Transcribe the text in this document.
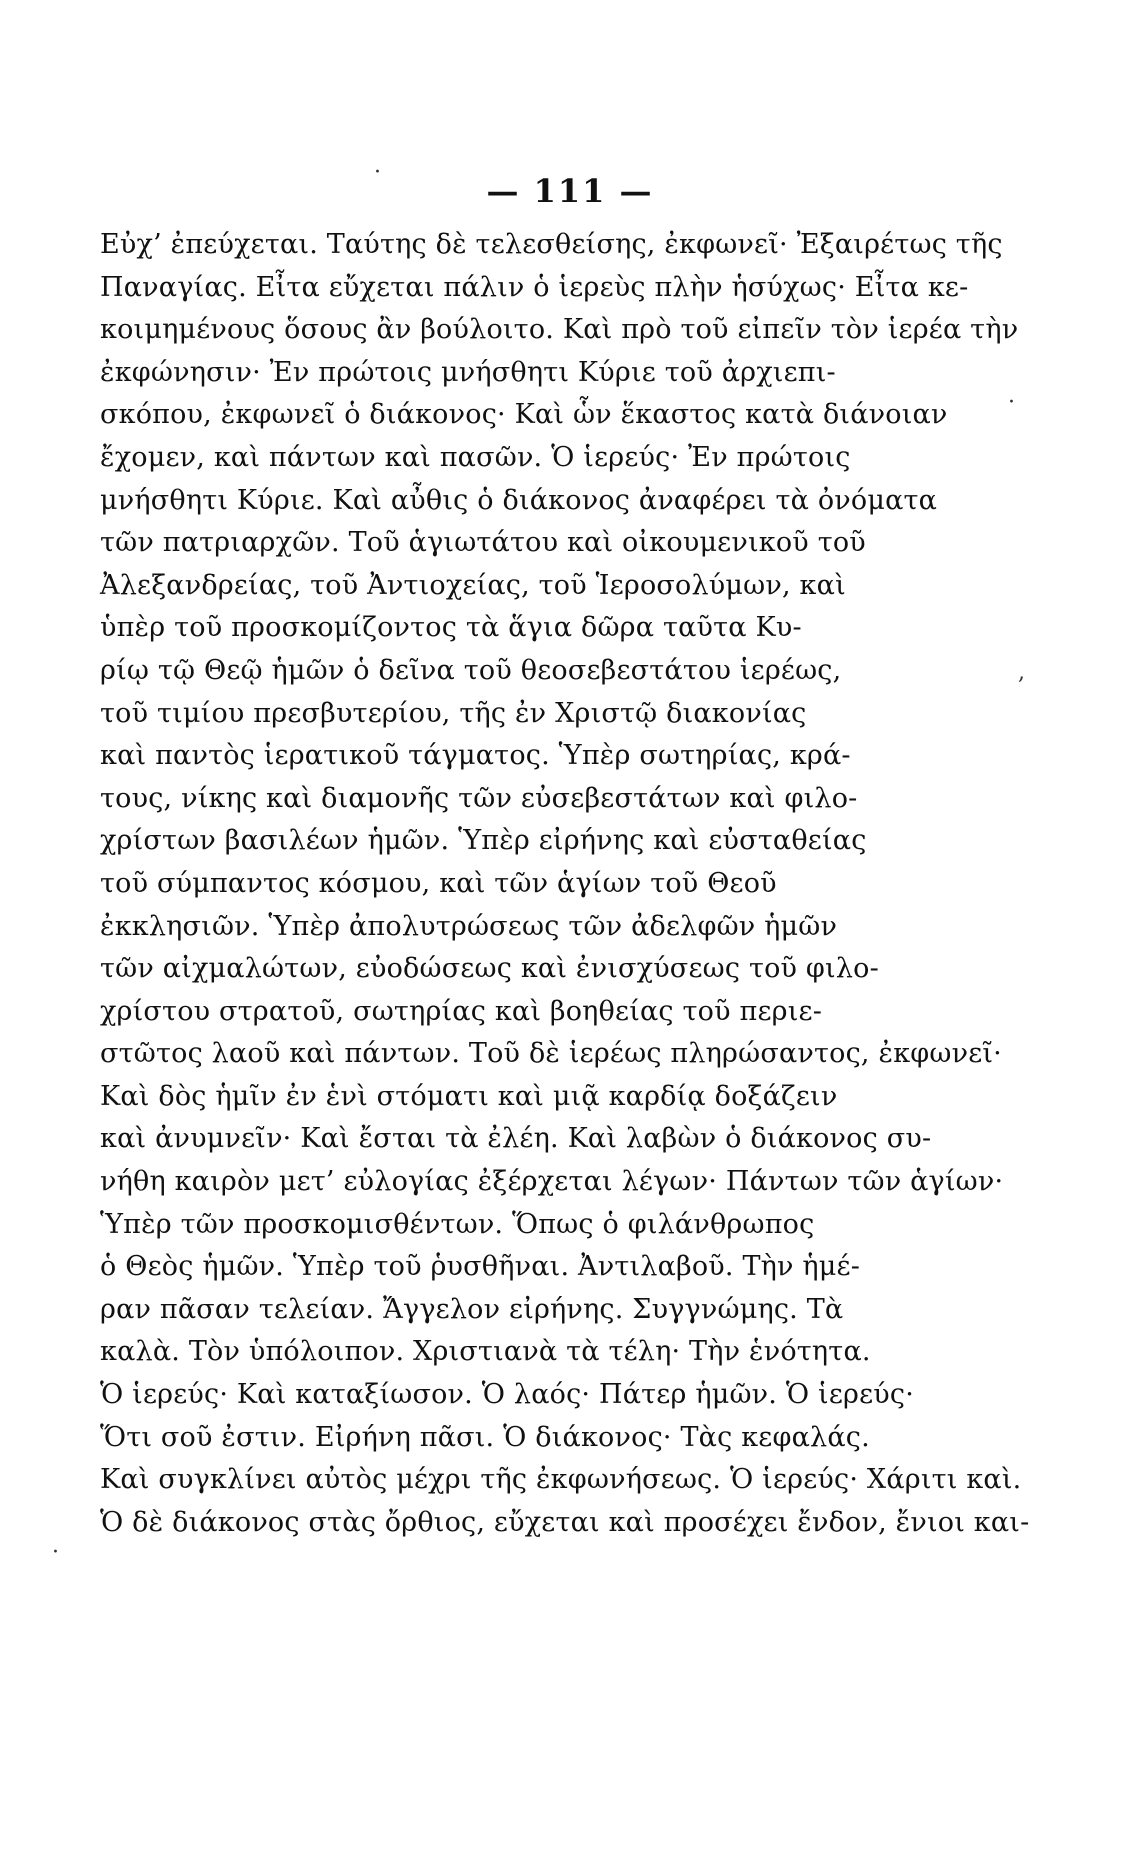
— 111 —
Εὐχ’ ἐπεύχεται. Ταύτης δὲ τελεσθείσης, ἐκφωνεῖ· Ἐξαιρέτως τῆς
Παναγίας. Εἶτα εὔχεται πάλιν ὁ ἱερεὺς πλὴν ἡσύχως· Εἶτα κε-
κοιμημένους ὅσους ἂν βούλοιτο. Καὶ πρὸ τοῦ εἰπεῖν τὸν ἱερέα τὴν
ἐκφώνησιν· Ἐν πρώτοις μνήσθητι Κύριε τοῦ ἀρχιεπι-
σκόπου, ἐκφωνεῖ ὁ διάκονος· Καὶ ὧν ἕκαστος κατὰ διάνοιαν
ἔχομεν, καὶ πάντων καὶ πασῶν. Ὁ ἱερεύς· Ἐν πρώτοις
μνήσθητι Κύριε. Καὶ αὖθις ὁ διάκονος ἀναφέρει τὰ ὀνόματα
τῶν πατριαρχῶν. Τοῦ ἁγιωτάτου καὶ οἰκουμενικοῦ τοῦ
Ἀλεξανδρείας, τοῦ Ἀντιοχείας, τοῦ Ἱεροσολύμων, καὶ
ὑπὲρ τοῦ προσκομίζοντος τὰ ἅγια δῶρα ταῦτα Κυ-
ρίῳ τῷ Θεῷ ἡμῶν ὁ δεῖνα τοῦ θεοσεβεστάτου ἱερέως,
τοῦ τιμίου πρεσβυτερίου, τῆς ἐν Χριστῷ διακονίας
καὶ παντὸς ἱερατικοῦ τάγματος. Ὑπὲρ σωτηρίας, κρά-
τους, νίκης καὶ διαμονῆς τῶν εὐσεβεστάτων καὶ φιλο-
χρίστων βασιλέων ἡμῶν. Ὑπὲρ εἰρήνης καὶ εὐσταθείας
τοῦ σύμπαντος κόσμου, καὶ τῶν ἁγίων τοῦ Θεοῦ
ἐκκλησιῶν. Ὑπὲρ ἀπολυτρώσεως τῶν ἀδελφῶν ἡμῶν
τῶν αἰχμαλώτων, εὐοδώσεως καὶ ἐνισχύσεως τοῦ φιλο-
χρίστου στρατοῦ, σωτηρίας καὶ βοηθείας τοῦ περιε-
στῶτος λαοῦ καὶ πάντων. Τοῦ δὲ ἱερέως πληρώσαντος, ἐκφωνεῖ·
Καὶ δὸς ἡμῖν ἐν ἑνὶ στόματι καὶ μιᾷ καρδίᾳ δοξάζειν
καὶ ἀνυμνεῖν· Καὶ ἔσται τὰ ἐλέη. Καὶ λαβὼν ὁ διάκονος συ-
νήθη καιρὸν μετ’ εὐλογίας ἐξέρχεται λέγων· Πάντων τῶν ἁγίων·
Ὑπὲρ τῶν προσκομισθέντων. Ὅπως ὁ φιλάνθρωπος
ὁ Θεὸς ἡμῶν. Ὑπὲρ τοῦ ῥυσθῆναι. Ἀντιλαβοῦ. Τὴν ἡμέ-
ραν πᾶσαν τελείαν. Ἄγγελον εἰρήνης. Συγγνώμης. Τὰ
καλὰ. Τὸν ὑπόλοιπον. Χριστιανὰ τὰ τέλη· Τὴν ἑνότητα.
Ὁ ἱερεύς· Καὶ καταξίωσον. Ὁ λαός· Πάτερ ἡμῶν. Ὁ ἱερεύς·
Ὅτι σοῦ ἐστιν. Εἰρήνη πᾶσι. Ὁ διάκονος· Τὰς κεφαλάς.
Καὶ συγκλίνει αὐτὸς μέχρι τῆς ἐκφωνήσεως. Ὁ ἱερεύς· Χάριτι καὶ.
Ὁ δὲ διάκονος στὰς ὄρθιος, εὔχεται καὶ προσέχει ἔνδον, ἔνιοι και-
·
·
,
·
